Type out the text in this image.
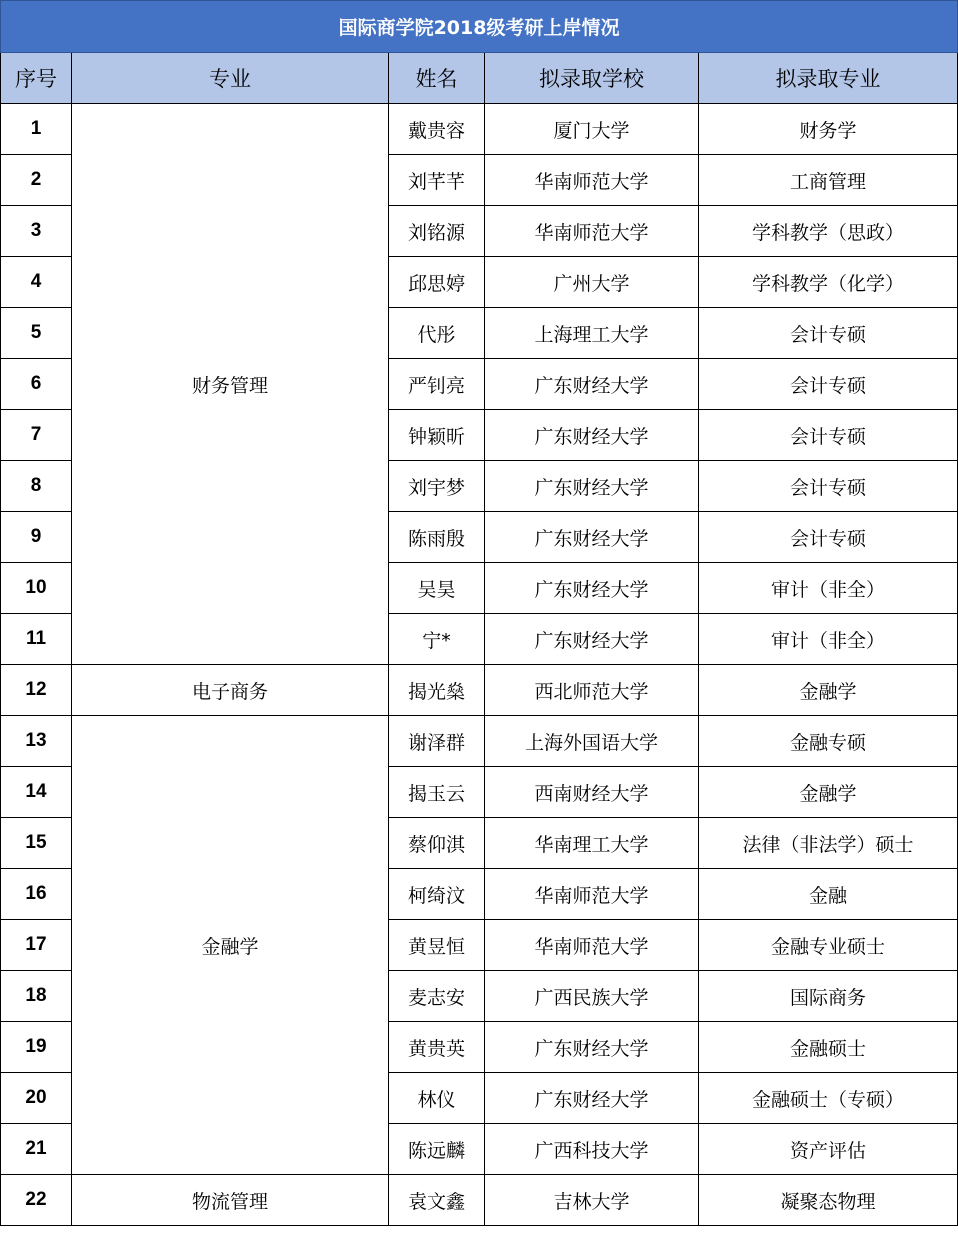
国际商学院2018级考研上岸情况				
序号	专业	姓名	拟录取学校	拟录取专业
1	财务管理	戴贵容	厦门大学	财务学
2		刘芊芊	华南师范大学	工商管理
3		刘铭源	华南师范大学	学科教学（思政）
4		邱思婷	广州大学	学科教学（化学）
5		代彤	上海理工大学	会计专硕
6		严钊亮	广东财经大学	会计专硕
7		钟颖昕	广东财经大学	会计专硕
8		刘宇梦	广东财经大学	会计专硕
9		陈雨殷	广东财经大学	会计专硕
10		吴昊	广东财经大学	审计（非全）
11		宁*	广东财经大学	审计（非全）
12	电子商务	揭光燊	西北师范大学	金融学
13	金融学	谢泽群	上海外国语大学	金融专硕
14		揭玉云	西南财经大学	金融学
15		蔡仰淇	华南理工大学	法律（非法学）硕士
16		柯绮汶	华南师范大学	金融
17		黄昱恒	华南师范大学	金融专业硕士
18		麦志安	广西民族大学	国际商务
19		黄贵英	广东财经大学	金融硕士
20		林仪	广东财经大学	金融硕士（专硕）
21		陈远麟	广西科技大学	资产评估
22	物流管理	袁文鑫	吉林大学	凝聚态物理
